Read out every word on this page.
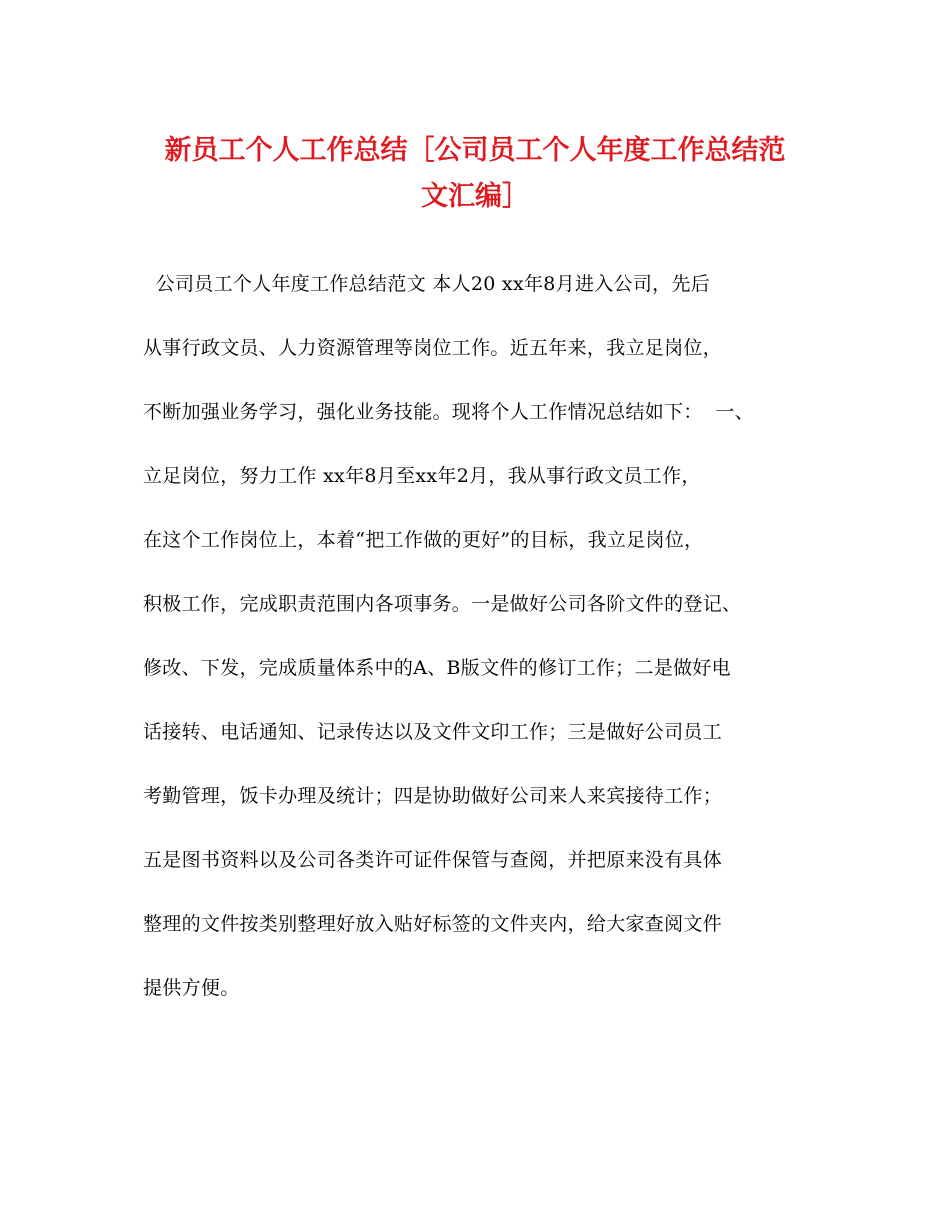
新员工个人工作总结［公司员工个人年度工作总结范
文汇编］
公司员工个人年度工作总结范文 本人20 xx年8月进入公司，先后
从事行政文员、人力资源管理等岗位工作。近五年来，我立足岗位，
不断加强业务学习，强化业务技能。现将个人工作情况总结如下：  一、
立足岗位，努力工作 xx年8月至xx年2月，我从事行政文员工作，
在这个工作岗位上，本着“把工作做的更好”的目标，我立足岗位，
积极工作，完成职责范围内各项事务。一是做好公司各阶文件的登记、
修改、下发，完成质量体系中的A、B版文件的修订工作；二是做好电
话接转、电话通知、记录传达以及文件文印工作；三是做好公司员工
考勤管理，饭卡办理及统计；四是协助做好公司来人来宾接待工作；
五是图书资料以及公司各类许可证件保管与查阅，并把原来没有具体
整理的文件按类别整理好放入贴好标签的文件夹内，给大家查阅文件
提供方便。
